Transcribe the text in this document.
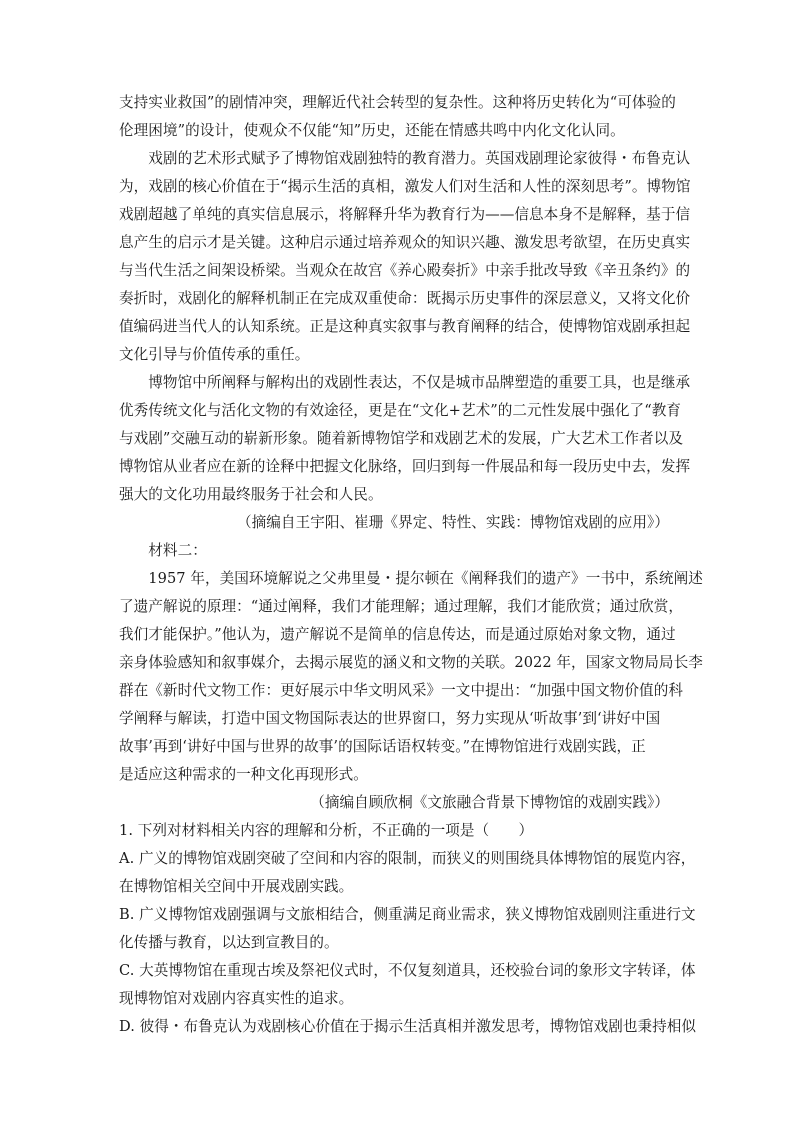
支持实业救国”的剧情冲突，理解近代社会转型的复杂性。这种将历史转化为“可体验的
伦理困境”的设计，使观众不仅能“知”历史，还能在情感共鸣中内化文化认同。
　　戏剧的艺术形式赋予了博物馆戏剧独特的教育潜力。英国戏剧理论家彼得・布鲁克认
为，戏剧的核心价值在于“揭示生活的真相，激发人们对生活和人性的深刻思考”。博物馆
戏剧超越了单纯的真实信息展示，将解释升华为教育行为——信息本身不是解释，基于信
息产生的启示才是关键。这种启示通过培养观众的知识兴趣、激发思考欲望，在历史真实
与当代生活之间架设桥梁。当观众在故宫《养心殿奏折》中亲手批改导致《辛丑条约》的
奏折时，戏剧化的解释机制正在完成双重使命：既揭示历史事件的深层意义，又将文化价
值编码进当代人的认知系统。正是这种真实叙事与教育阐释的结合，使博物馆戏剧承担起
文化引导与价值传承的重任。
　　博物馆中所阐释与解构出的戏剧性表达，不仅是城市品牌塑造的重要工具，也是继承
优秀传统文化与活化文物的有效途径，更是在“文化+艺术”的二元性发展中强化了“教育
与戏剧”交融互动的崭新形象。随着新博物馆学和戏剧艺术的发展，广大艺术工作者以及
博物馆从业者应在新的诠释中把握文化脉络，回归到每一件展品和每一段历史中去，发挥
强大的文化功用最终服务于社会和人民。
（摘编自王宇阳、崔珊《界定、特性、实践：博物馆戏剧的应用》）
　　材料二：
　　1957 年，美国环境解说之父弗里曼・提尔顿在《阐释我们的遗产》一书中，系统阐述
了遗产解说的原理：“通过阐释，我们才能理解；通过理解，我们才能欣赏；通过欣赏，
我们才能保护。”他认为，遗产解说不是简单的信息传达，而是通过原始对象文物，通过
亲身体验感知和叙事媒介，去揭示展览的涵义和文物的关联。2022 年，国家文物局局长李
群在《新时代文物工作：更好展示中华文明风采》一文中提出：“加强中国文物价值的科
学阐释与解读，打造中国文物国际表达的世界窗口，努力实现从‘听故事’到‘讲好中国
故事’再到‘讲好中国与世界的故事’的国际话语权转变。”在博物馆进行戏剧实践，正
是适应这种需求的一种文化再现形式。
（摘编自顾欣桐《文旅融合背景下博物馆的戏剧实践》）
1. 下列对材料相关内容的理解和分析，不正确的一项是（　　）
A. 广义的博物馆戏剧突破了空间和内容的限制，而狭义的则围绕具体博物馆的展览内容，
在博物馆相关空间中开展戏剧实践。
B. 广义博物馆戏剧强调与文旅相结合，侧重满足商业需求，狭义博物馆戏剧则注重进行文
化传播与教育，以达到宣教目的。
C. 大英博物馆在重现古埃及祭祀仪式时，不仅复刻道具，还校验台词的象形文字转译，体
现博物馆对戏剧内容真实性的追求。
D. 彼得・布鲁克认为戏剧核心价值在于揭示生活真相并激发思考，博物馆戏剧也秉持相似
